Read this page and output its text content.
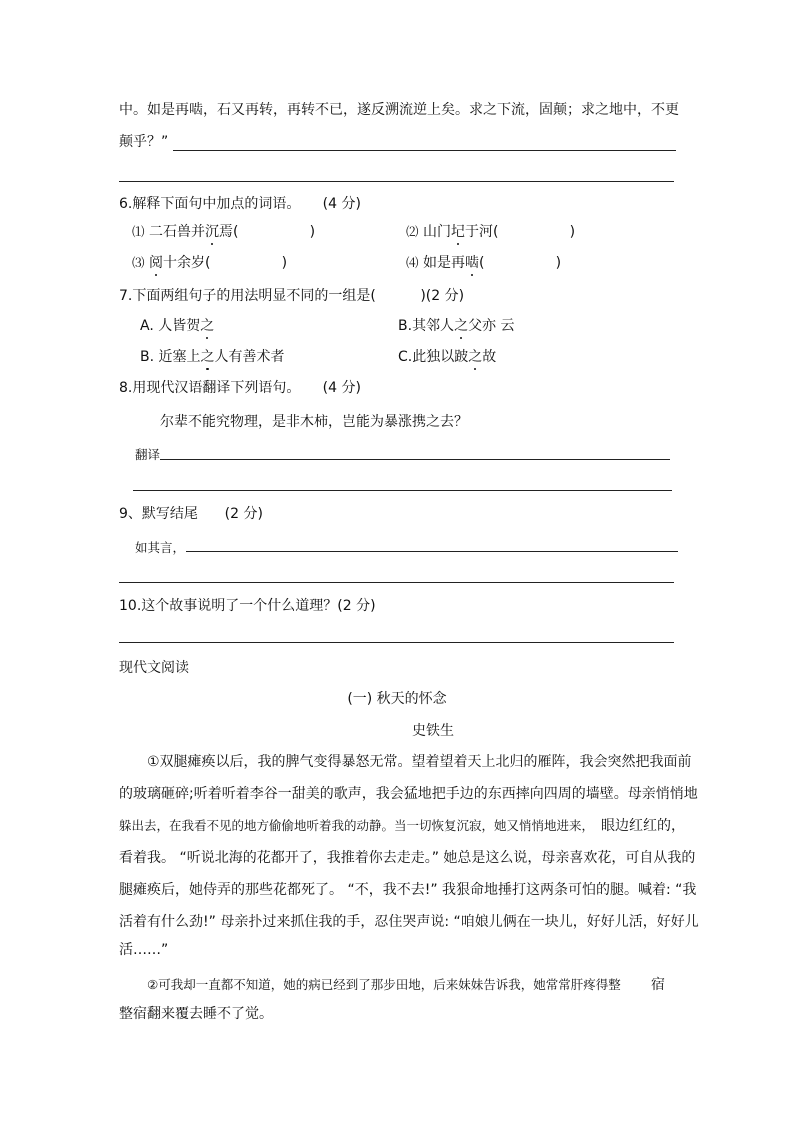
中。如是再啮，石又再转，再转不已，遂反溯流逆上矣。求之下流，固颠；求之地中，不更
颠乎？”
6.解释下面句中加点的词语。 (4 分)
⑴ 二石兽并沉焉(                )	⑵ 山门圮于河(                )
⑶ 阅十余岁(                )	⑷ 如是再啮(                )
7.下面两组句子的用法明显不同的一组是(          )(2 分)
A. 人皆贺之	B.其邻人之父亦 云
B. 近塞上之人有善术者	C.此独以跛之故
8.用现代汉语翻译下列语句。 (4 分)
尔辈不能究物理，是非木柿，岂能为暴涨携之去？
翻译
9、默写结尾 (2 分)
如其言，
10.这个故事说明了一个什么道理？(2 分)
现代文阅读
(一) 秋天的怀念
史铁生
①双腿瘫痪以后，我的脾气变得暴怒无常。望着望着天上北归的雁阵，我会突然把我面前
的玻璃砸碎;听着听着李谷一甜美的歌声，我会猛地把手边的东西摔向四周的墙壁。母亲悄悄地
躲出去，在我看不见的地方偷偷地听着我的动静。当一切恢复沉寂，她又悄悄地进来， 眼边红红的，
看着我。 “听说北海的花都开了，我推着你去走走。” 她总是这么说，母亲喜欢花，可自从我的
腿瘫痪后，她侍弄的那些花都死了。 “不，我不去!” 我狠命地捶打这两条可怕的腿。喊着: “我
活着有什么劲!” 母亲扑过来抓住我的手，忍住哭声说: “咱娘儿俩在一块儿，好好儿活，好好儿
活……”
②可我却一直都不知道，她的病已经到了那步田地，后来妹妹告诉我，她常常肝疼得整 宿
整宿翻来覆去睡不了觉。
